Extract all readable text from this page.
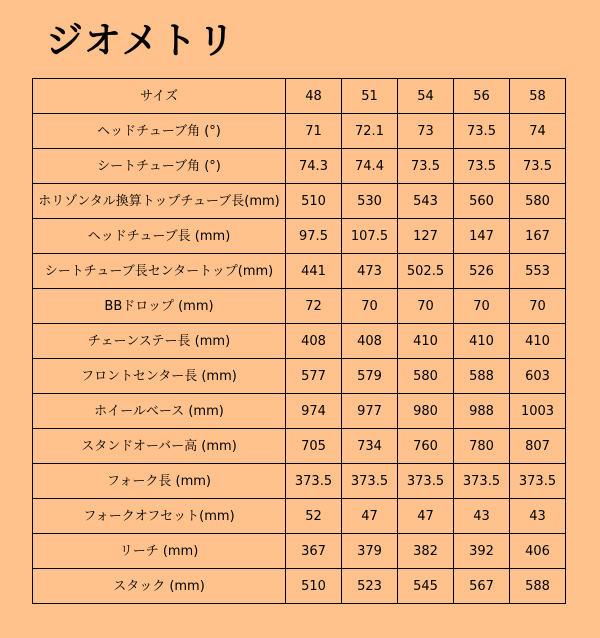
ジオメトリ
サイズ	48	51	54	56	58
ヘッドチューブ角 (°)	71	72.1	73	73.5	74
シートチューブ角 (°)	74.3	74.4	73.5	73.5	73.5
ホリゾンタル換算トップチューブ長(mm)	510	530	543	560	580
ヘッドチューブ長 (mm)	97.5	107.5	127	147	167
シートチューブ長センタートップ(mm)	441	473	502.5	526	553
BBドロップ (mm)	72	70	70	70	70
チェーンステー長 (mm)	408	408	410	410	410
フロントセンター長 (mm)	577	579	580	588	603
ホイールベース (mm)	974	977	980	988	1003
スタンドオーバー高 (mm)	705	734	760	780	807
フォーク長 (mm)	373.5	373.5	373.5	373.5	373.5
フォークオフセット(mm)	52	47	47	43	43
リーチ (mm)	367	379	382	392	406
スタック (mm)	510	523	545	567	588
